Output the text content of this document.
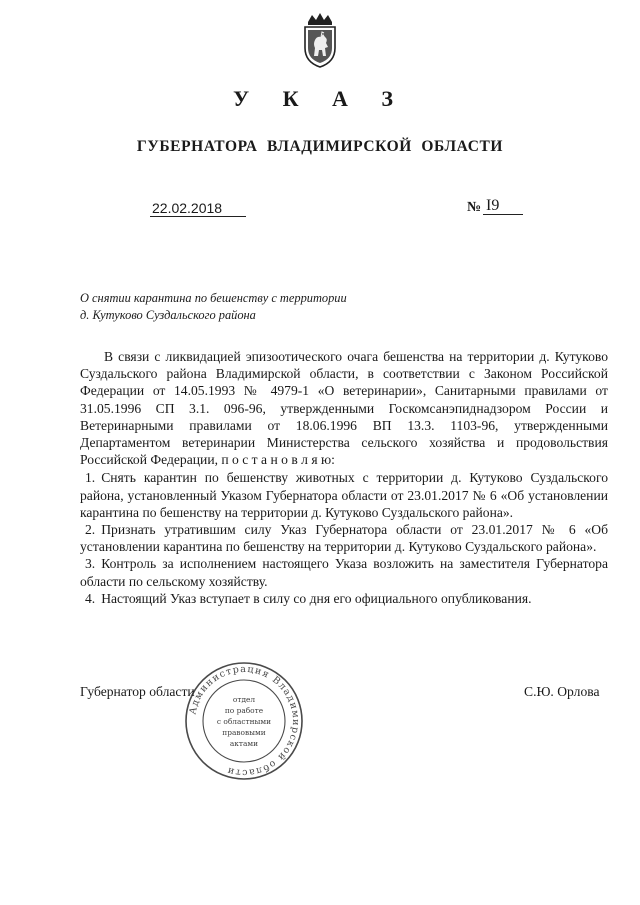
У К А З
ГУБЕРНАТОРА ВЛАДИМИРСКОЙ ОБЛАСТИ
22.02.2018	№ I9
О снятии карантина по бешенству с территории
д. Кутуково Суздальского района

В связи с ликвидацией эпизоотического очага бешенства на территории д. Кутуково Суздальского района Владимирской области, в соответствии с Законом Российской Федерации от 14.05.1993 № 4979-1 «О ветеринарии», Санитарными правилами от 31.05.1996 СП 3.1. 096-96, утвержденными Госкомсанэпиднадзором России и Ветеринарными правилами от 18.06.1996 ВП 13.3. 1103-96, утвержденными Департаментом ветеринарии Министерства сельского хозяйства и продовольствия Российской Федерации, п о с т а н о в л я ю:

1. Снять карантин по бешенству животных с территории д. Кутуково Суздальского района, установленный Указом Губернатора области от 23.01.2017 № 6 «Об установлении карантина по бешенству на территории д. Кутуково Суздальского района».
2. Признать утратившим силу Указ Губернатора области от 23.01.2017 № 6 «Об установлении карантина по бешенству на территории д. Кутуково Суздальского района».
3. Контроль за исполнением настоящего Указа возложить на заместителя Губернатора области по сельскому хозяйству.
4. Настоящий Указ вступает в силу со дня его официального опубликования.
Губернатор области	С.Ю. Орлова
Администрация Владимирской области
отдел
по работе
с областными
правовыми
актами
